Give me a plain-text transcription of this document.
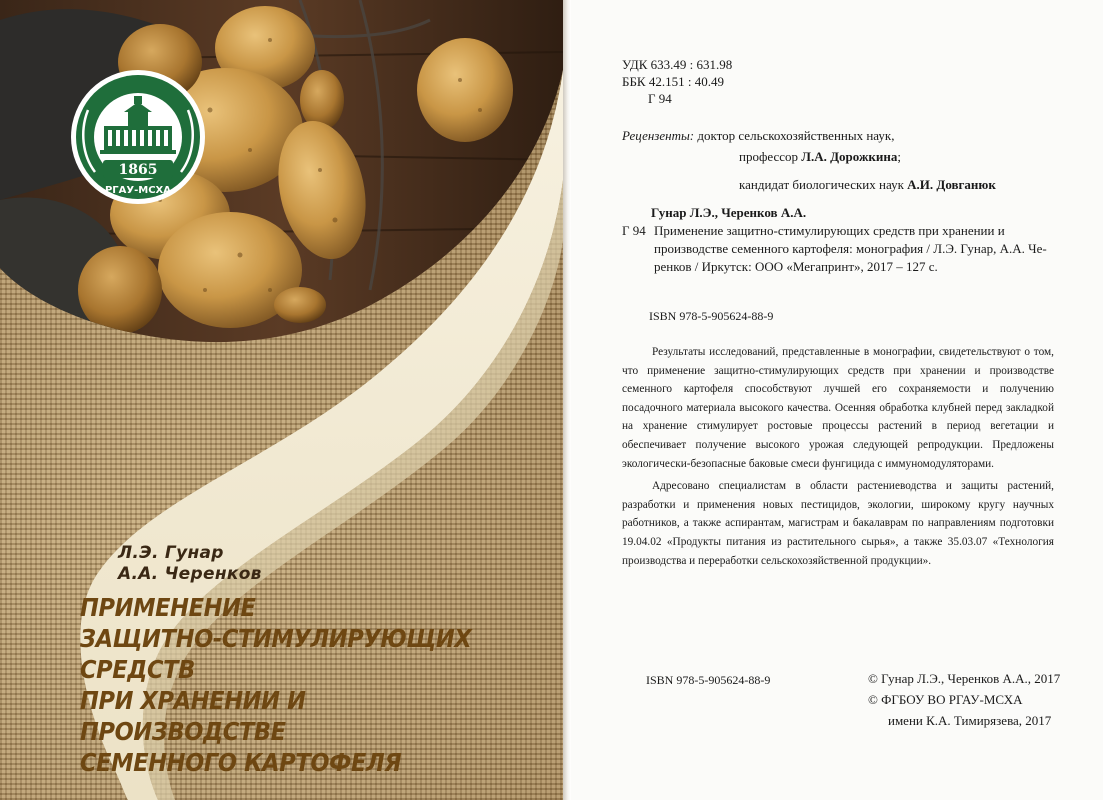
1865
РГАУ-МСХА
Л.Э. Гунар
А.А. Черенков
ПРИМЕНЕНИЕ
ЗАЩИТНО-СТИМУЛИРУЮЩИХ СРЕДСТВ
ПРИ ХРАНЕНИИ И ПРОИЗВОДСТВЕ
СЕМЕННОГО КАРТОФЕЛЯ
УДК 633.49 : 631.98
ББК 42.151 : 40.49
Г 94
Рецензенты: доктор сельскохозяйственных наук,
профессор Л.А. Дорожкина;
кандидат биологических наук А.И. Довганюк
Гунар Л.Э., Черенков А.А.
Г 94 Применение защитно-стимулирующих средств при хранении и
производстве семенного картофеля: монография / Л.Э. Гунар, А.А. Че-
ренков / Иркутск: ООО «Мегапринт», 2017 – 127 с.
ISBN 978-5-905624-88-9

Результаты исследований, представленные в монографии, свидетельствуют о том, что применение защитно-стимулирующих средств при хранении и производстве семенного картофеля способствуют лучшей его сохраняемости и получению посадочного материала высокого качества. Осенняя обработка клубней перед закладкой на хранение стимулирует ростовые процессы растений в период вегетации и обеспечивает получение высокого урожая следующей репродукции. Предложены экологически-безопасные баковые смеси фунгицида с иммуномодуляторами.

Адресовано специалистам в области растениеводства и защиты растений, разработки и применения новых пестицидов, экологии, широкому кругу научных работников, а также аспирантам, магистрам и бакалаврам по направлениям подготовки 19.04.02 «Продукты питания из растительного сырья», а также 35.03.07 «Технология производства и переработки сельскохозяйственной продукции».

ISBN 978-5-905624-88-9	© Гунар Л.Э., Черенков А.А., 2017
© ФГБОУ ВО РГАУ-МСХА
имени К.А. Тимирязева, 2017
